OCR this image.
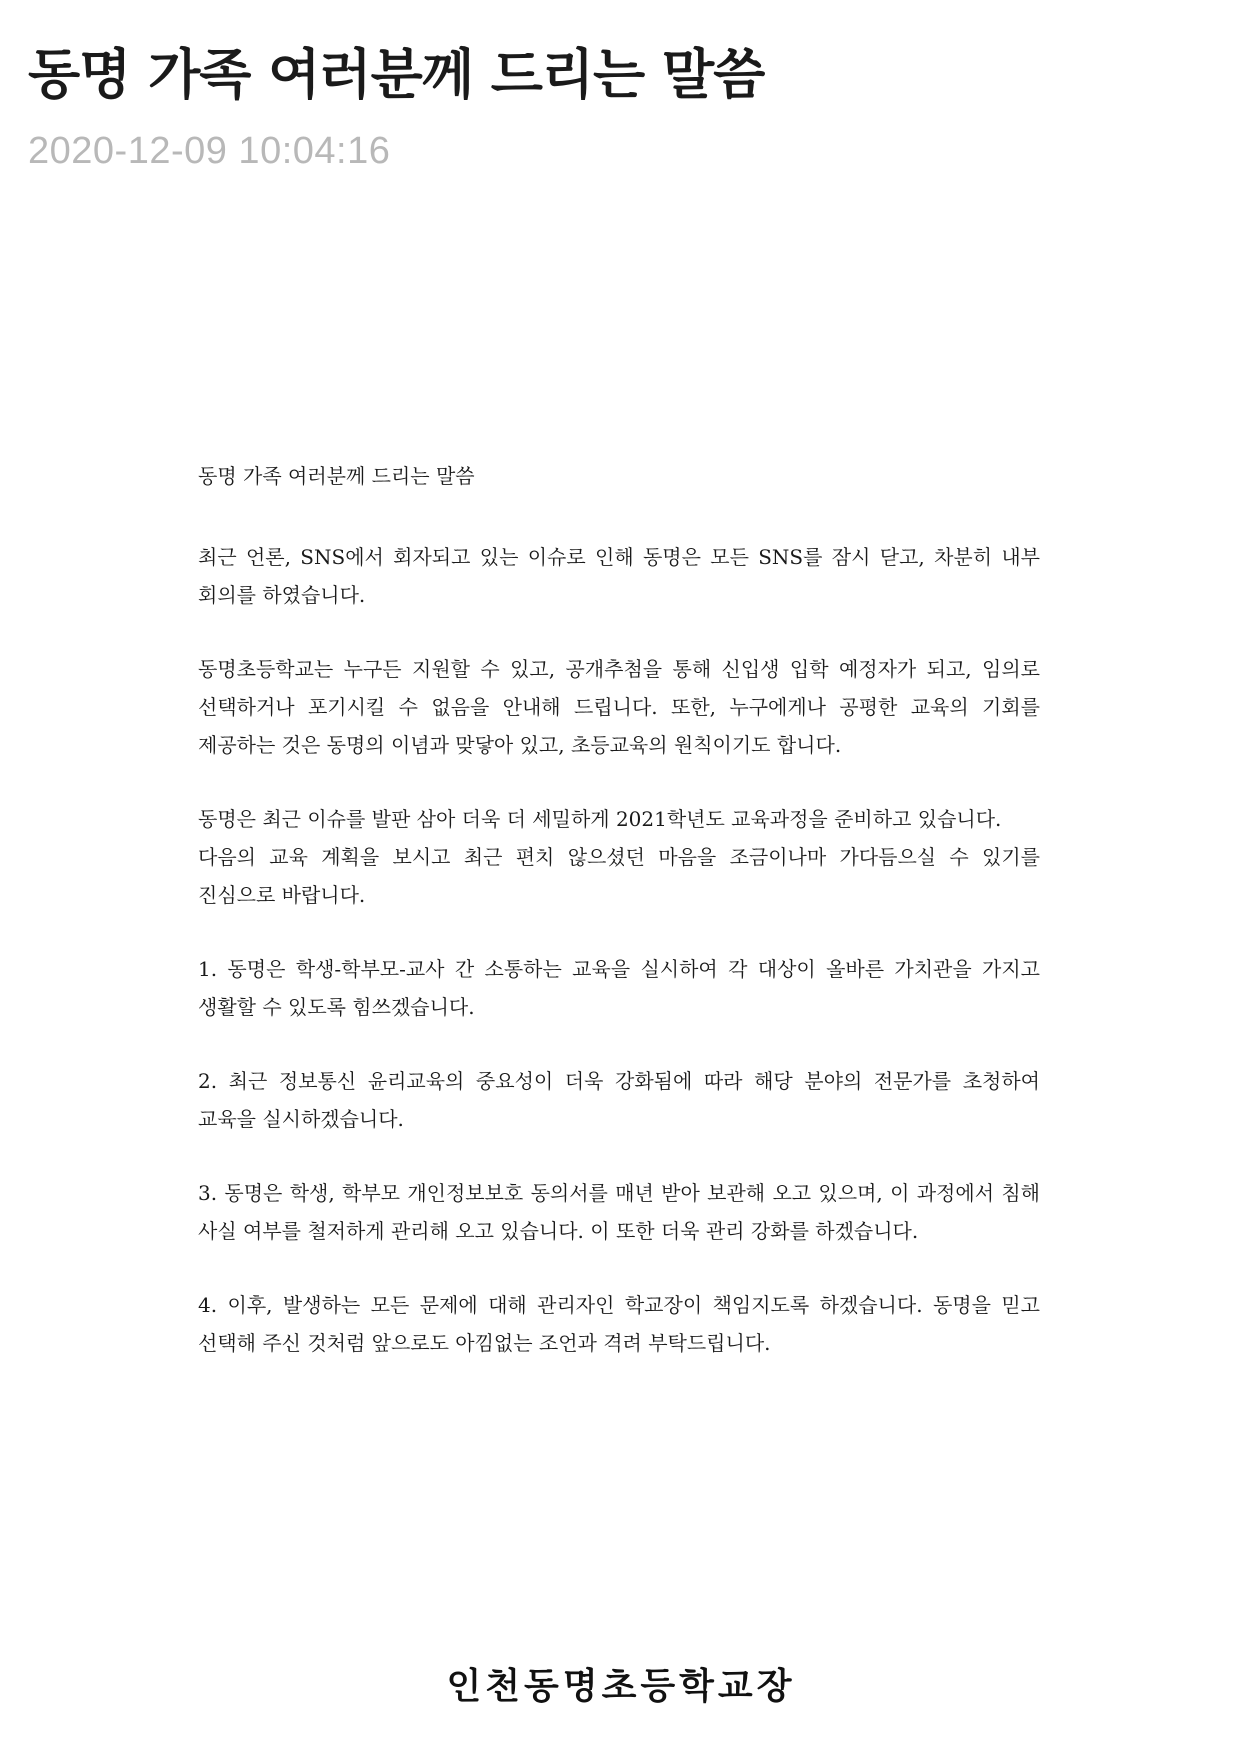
동명 가족 여러분께 드리는 말씀
2020-12-09 10:04:16
동명 가족 여러분께 드리는 말씀

최근 언론, SNS에서 회자되고 있는 이슈로 인해 동명은 모든 SNS를 잠시 닫고, 차분히 내부 회의를 하였습니다.

동명초등학교는 누구든 지원할 수 있고, 공개추첨을 통해 신입생 입학 예정자가 되고, 임의로 선택하거나 포기시킬 수 없음을 안내해 드립니다. 또한, 누구에게나 공평한 교육의 기회를 제공하는 것은 동명의 이념과 맞닿아 있고, 초등교육의 원칙이기도 합니다.

동명은 최근 이슈를 발판 삼아 더욱 더 세밀하게 2021학년도 교육과정을 준비하고 있습니다.

다음의 교육 계획을 보시고 최근 편치 않으셨던 마음을 조금이나마 가다듬으실 수 있기를 진심으로 바랍니다.

1. 동명은 학생-학부모-교사 간 소통하는 교육을 실시하여 각 대상이 올바른 가치관을 가지고 생활할 수 있도록 힘쓰겠습니다.

2. 최근 정보통신 윤리교육의 중요성이 더욱 강화됨에 따라 해당 분야의 전문가를 초청하여 교육을 실시하겠습니다.

3. 동명은 학생, 학부모 개인정보보호 동의서를 매년 받아 보관해 오고 있으며, 이 과정에서 침해 사실 여부를 철저하게 관리해 오고 있습니다. 이 또한 더욱 관리 강화를 하겠습니다.

4. 이후, 발생하는 모든 문제에 대해 관리자인 학교장이 책임지도록 하겠습니다. 동명을 믿고 선택해 주신 것처럼 앞으로도 아낌없는 조언과 격려 부탁드립니다.

인천동명초등학교장
